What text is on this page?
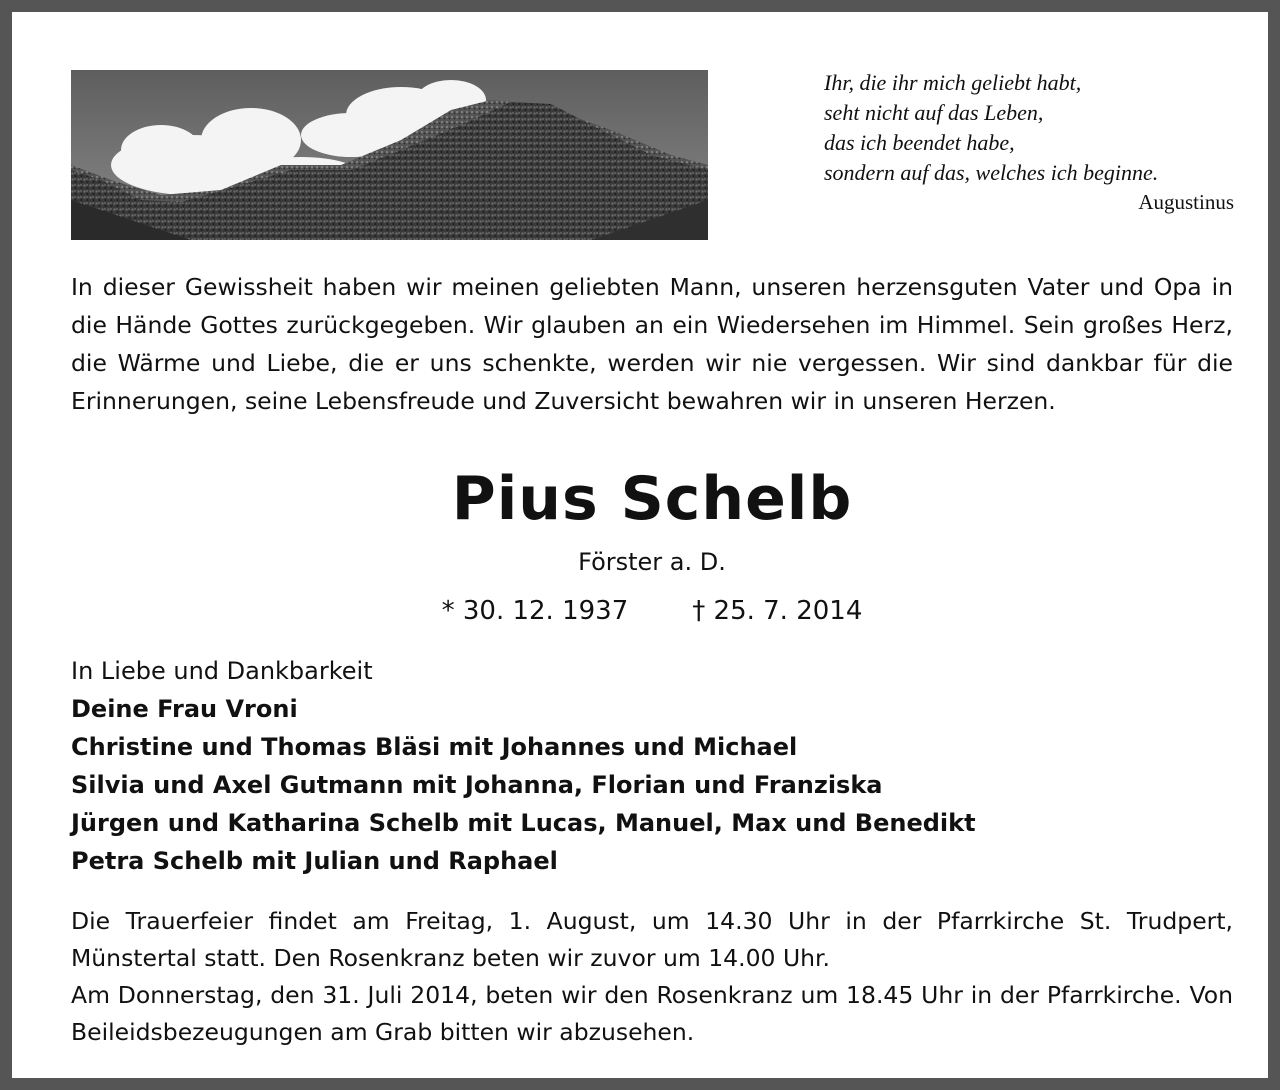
Ihr, die ihr mich geliebt habt,
seht nicht auf das Leben,
das ich beendet habe,
sondern auf das, welches ich beginne.
Augustinus
In dieser Gewissheit haben wir meinen geliebten Mann, unseren herzensguten Vater und Opa in die Hände Gottes zurückgegeben. Wir glauben an ein Wiedersehen im Himmel. Sein großes Herz, die Wärme und Liebe, die er uns schenkte, werden wir nie vergessen. Wir sind dankbar für die Erinnerungen, seine Lebensfreude und Zuversicht bewahren wir in unseren Herzen.
Pius Schelb
Förster a. D.
* 30. 12. 1937 † 25. 7. 2014
In Liebe und Dankbarkeit
Deine Frau Vroni
Christine und Thomas Bläsi mit Johannes und Michael
Silvia und Axel Gutmann mit Johanna, Florian und Franziska
Jürgen und Katharina Schelb mit Lucas, Manuel, Max und Benedikt
Petra Schelb mit Julian und Raphael

Die Trauerfeier findet am Freitag, 1. August, um 14.30 Uhr in der Pfarrkirche St. Trudpert, Münstertal statt. Den Rosenkranz beten wir zuvor um 14.00 Uhr.

Am Donnerstag, den 31. Juli 2014, beten wir den Rosenkranz um 18.45 Uhr in der Pfarrkirche. Von Beileidsbezeugungen am Grab bitten wir abzusehen.
